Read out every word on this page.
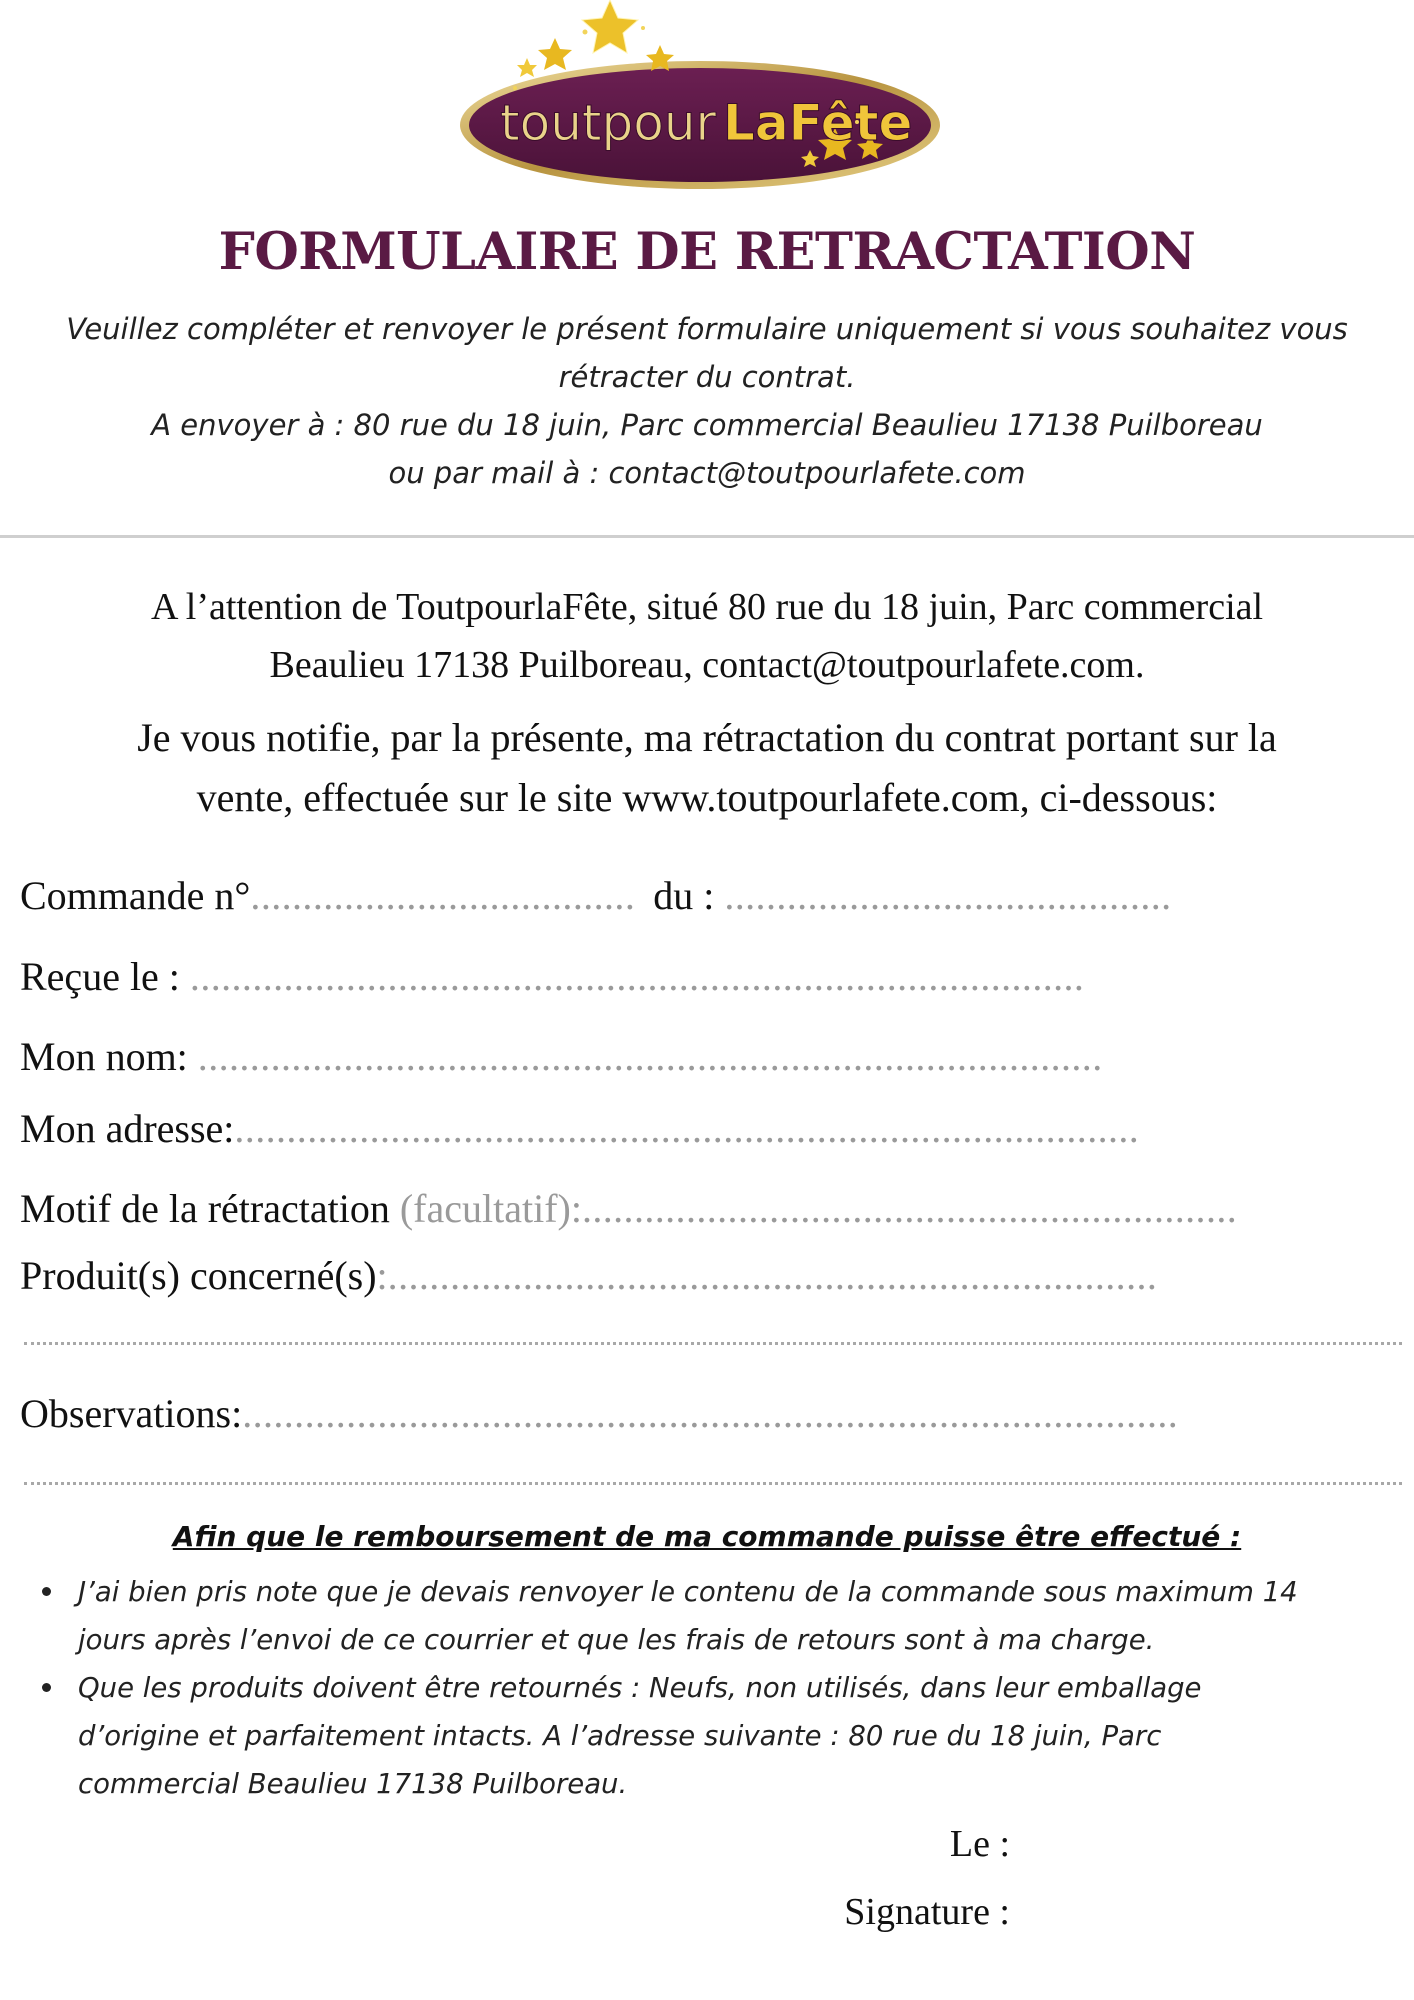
toutpour LaFête
FORMULAIRE DE RETRACTATION
Veuillez compléter et renvoyer le présent formulaire uniquement si vous souhaitez vous
rétracter du contrat.
A envoyer à : 80 rue du 18 juin, Parc commercial Beaulieu 17138 Puilboreau
ou par mail à : contact@toutpourlafete.com
A l’attention de ToutpourlaFête, situé 80 rue du 18 juin, Parc commercial
Beaulieu 17138 Puilboreau, contact@toutpourlafete.com.
Je vous notifie, par la présente, ma rétractation du contrat portant sur la
vente, effectuée sur le site www.toutpourlafete.com, ci-dessous:
Commande n°..................................... du : ...........................................
Reçue le : ......................................................................................
Mon nom: .......................................................................................
Mon adresse:.......................................................................................
Motif de la rétractation (facultatif):...............................................................
Produit(s) concerné(s):..........................................................................
Observations:..........................................................................................
Afin que le remboursement de ma commande puisse être effectué :
J’ai bien pris note que je devais renvoyer le contenu de la commande sous maximum 14
jours après l’envoi de ce courrier et que les frais de retours sont à ma charge.
Que les produits doivent être retournés : Neufs, non utilisés, dans leur emballage
d’origine et parfaitement intacts. A l’adresse suivante : 80 rue du 18 juin, Parc
commercial Beaulieu 17138 Puilboreau.
Le :
Signature :
